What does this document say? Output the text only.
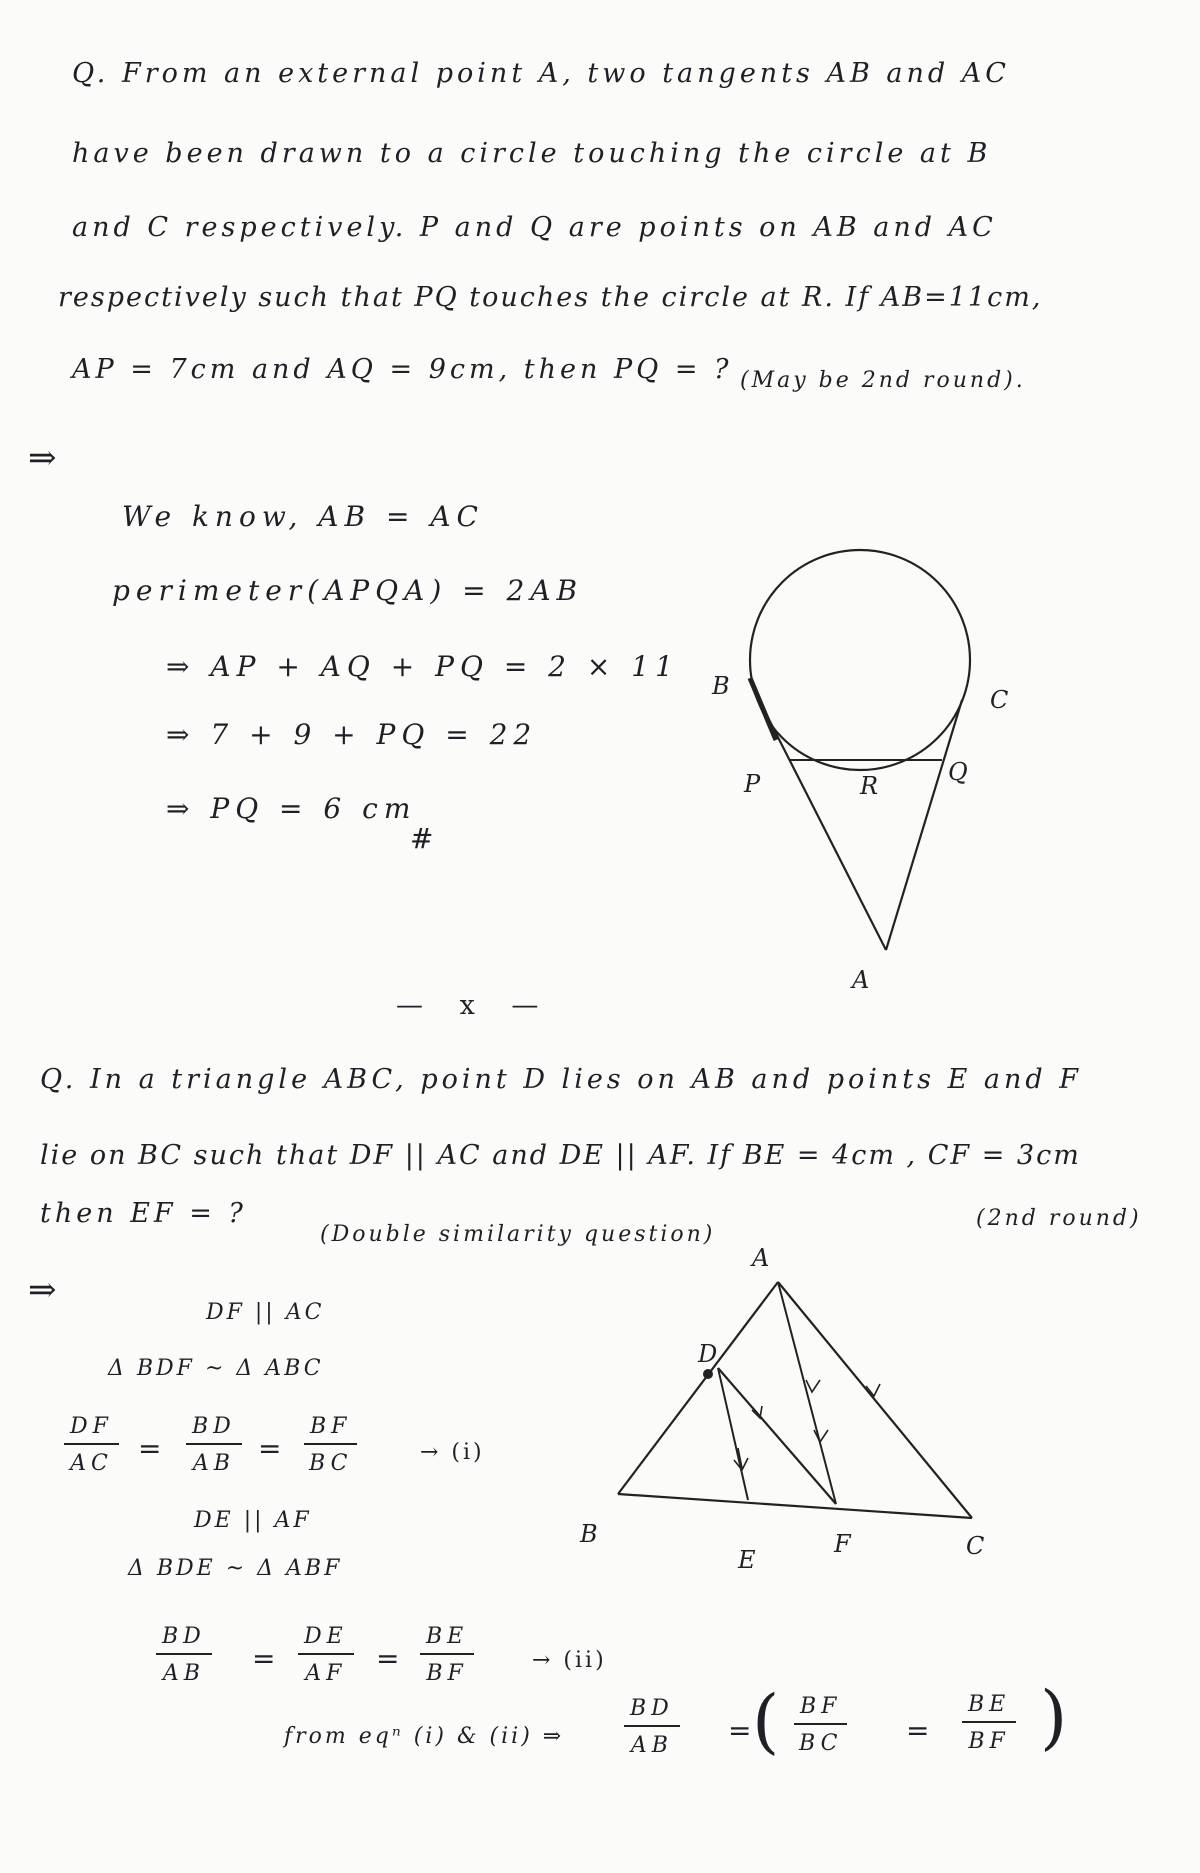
Q. From an external point A, two tangents AB and AC
have been drawn to a circle touching the circle at B
and C respectively. P and Q are points on AB and AC
respectively such that PQ touches the circle at R. If AB=11cm,
AP = 7cm and AQ = 9cm, then PQ = ? (May be 2nd round).
⇒
We know, AB = AC
perimeter(APQA) = 2AB
⇒ AP + AQ + PQ = 2 × 11
⇒ 7 + 9 + PQ = 22
⇒ PQ = 6 cm
#
B	C
P	R	Q
A
— x —
Q. In a triangle ABC, point D lies on AB and points E and F
lie on BC such that DF || AC and DE || AF. If BE = 4cm , CF = 3cm
then EF = ?
(Double similarity question)
(2nd round)
⇒
DF || AC
Δ BDF ~ Δ ABC
$\frac{DF}{AC} = \frac{BD}{AB} = \frac{BF}{BC}$	→ (i)
DE || AF
Δ BDE ~ Δ ABF
$\frac{BD}{AB} = \frac{DE}{AF} = \frac{BE}{BF}$	→ (ii)
from eqⁿ (i) & (ii) ⇒	$\frac{BD}{AB}$ = ( $\frac{BF}{BC} = \frac{BE}{BF}$ )
A
D
B
E
F	C
